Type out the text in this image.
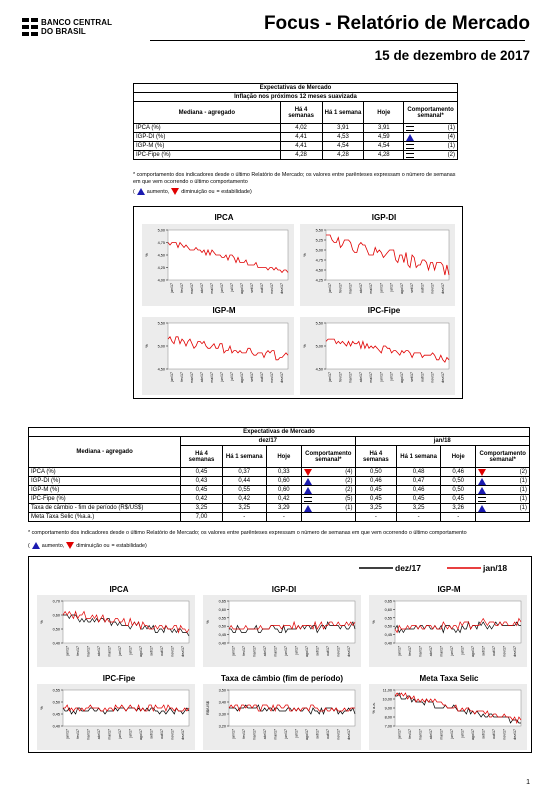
BANCO CENTRAL
DO BRASIL	Focus - Relatório de Mercado
15 de dezembro de 2017
Expectativas de Mercado				
Inflação nos próximos 12 meses suavizada				
Mediana - agregado	Há 4 semanas	Há 1 semana	Hoje	Comportamento semanal*
IPCA (%)	4,02	3,91	3,91	(1)

IGP-DI (%)	4,41	4,53	4,59	(4)

IGP-M (%)	4,41	4,54	4,54	(1)

IPC-Fipe (%)	4,28	4,28	4,28	(2)
* comportamento dos indicadores desde o último Relatório de Mercado; os valores entre parênteses expressam o número de semanas em que vem ocorrendo o último comportamento
( aumento, diminuição ou = estabilidade)
IPCA
5,00
4,75
4,50
4,25
4,00
%
jan/17 fev/17 mar/17 abr/17 mai/17 jun/17 jul/17 ago/17 set/17 out/17 nov/17 dez/17
IGP-DI
5,50
5,25
5,00
4,75
4,50
4,25
%
jan/17 fev/17 mar/17 abr/17 mai/17 jun/17 jul/17 ago/17 set/17 out/17 nov/17 dez/17
IGP-M
5,50
5,00
4,50
%
jan/17 fev/17 mar/17 abr/17 mai/17 jun/17 jul/17 ago/17 set/17 out/17 nov/17 dez/17
IPC-Fipe
5,50
5,00
4,50
%
jan/17 fev/17 mar/17 abr/17 mai/17 jun/17 jul/17 ago/17 set/17 out/17 nov/17 dez/17
Expectativas de Mercado								
Mediana - agregado	dez/17				jan/18			
	Há 4 semanas	Há 1 semana	Hoje	Comportamento semanal*	Há 4 semanas	Há 1 semana	Hoje	Comportamento semanal*
IPCA (%)	0,45	0,37	0,33	(4)	0,50	0,48	0,46	(2)

IGP-DI (%)	0,43	0,44	0,60	(2)	0,46	0,47	0,50	(1)

IGP-M (%)	0,45	0,55	0,60	(2)	0,45	0,46	0,50	(1)

IPC-Fipe (%)	0,42	0,42	0,42	(5)	0,45	0,45	0,45	(1)

Taxa de câmbio - fim de período (R$/US$)	3,25	3,25	3,29	(1)	3,25	3,25	3,26	(1)

Meta Taxa Selic (%a.a.)	7,00	-	-		-	-	-	
* comportamento dos indicadores desde o último Relatório de Mercado; os valores entre parênteses expressam o número de semanas em que vem ocorrendo o último comportamento
( aumento, diminuição ou = estabilidade)
dez/17	jan/18
IPCA
0,70
0,60
0,50
0,40
%
jan/17 fev/17 mar/17 abr/17 mai/17 jun/17 jul/17 ago/17 set/17 out/17 nov/17 dez/17
IGP-DI
0,65
0,60
0,55
0,50
0,45
0,40
%
jan/17 fev/17 mar/17 abr/17 mai/17 jun/17 jul/17 ago/17 set/17 out/17 nov/17 dez/17
IGP-M
0,65
0,60
0,55
0,50
0,45
0,40
%
jan/17 fev/17 mar/17 abr/17 mai/17 jun/17 jul/17 ago/17 set/17 out/17 nov/17 dez/17
IPC-Fipe
0,55
0,50
0,45
0,40
%
jan/17 fev/17 mar/17 abr/17 mai/17 jun/17 jul/17 ago/17 set/17 out/17 nov/17 dez/17
Taxa de câmbio (fim de período)
3,50
3,40
3,30
3,20
R$/US$
jan/17 fev/17 mar/17 abr/17 mai/17 jun/17 jul/17 ago/17 set/17 out/17 nov/17 dez/17
Meta Taxa Selic
11,00
10,00
9,00
8,00
7,00
% a.a.
jan/17 fev/17 mar/17 abr/17 mai/17 jun/17 jul/17 ago/17 set/17 out/17 nov/17 dez/17
1
